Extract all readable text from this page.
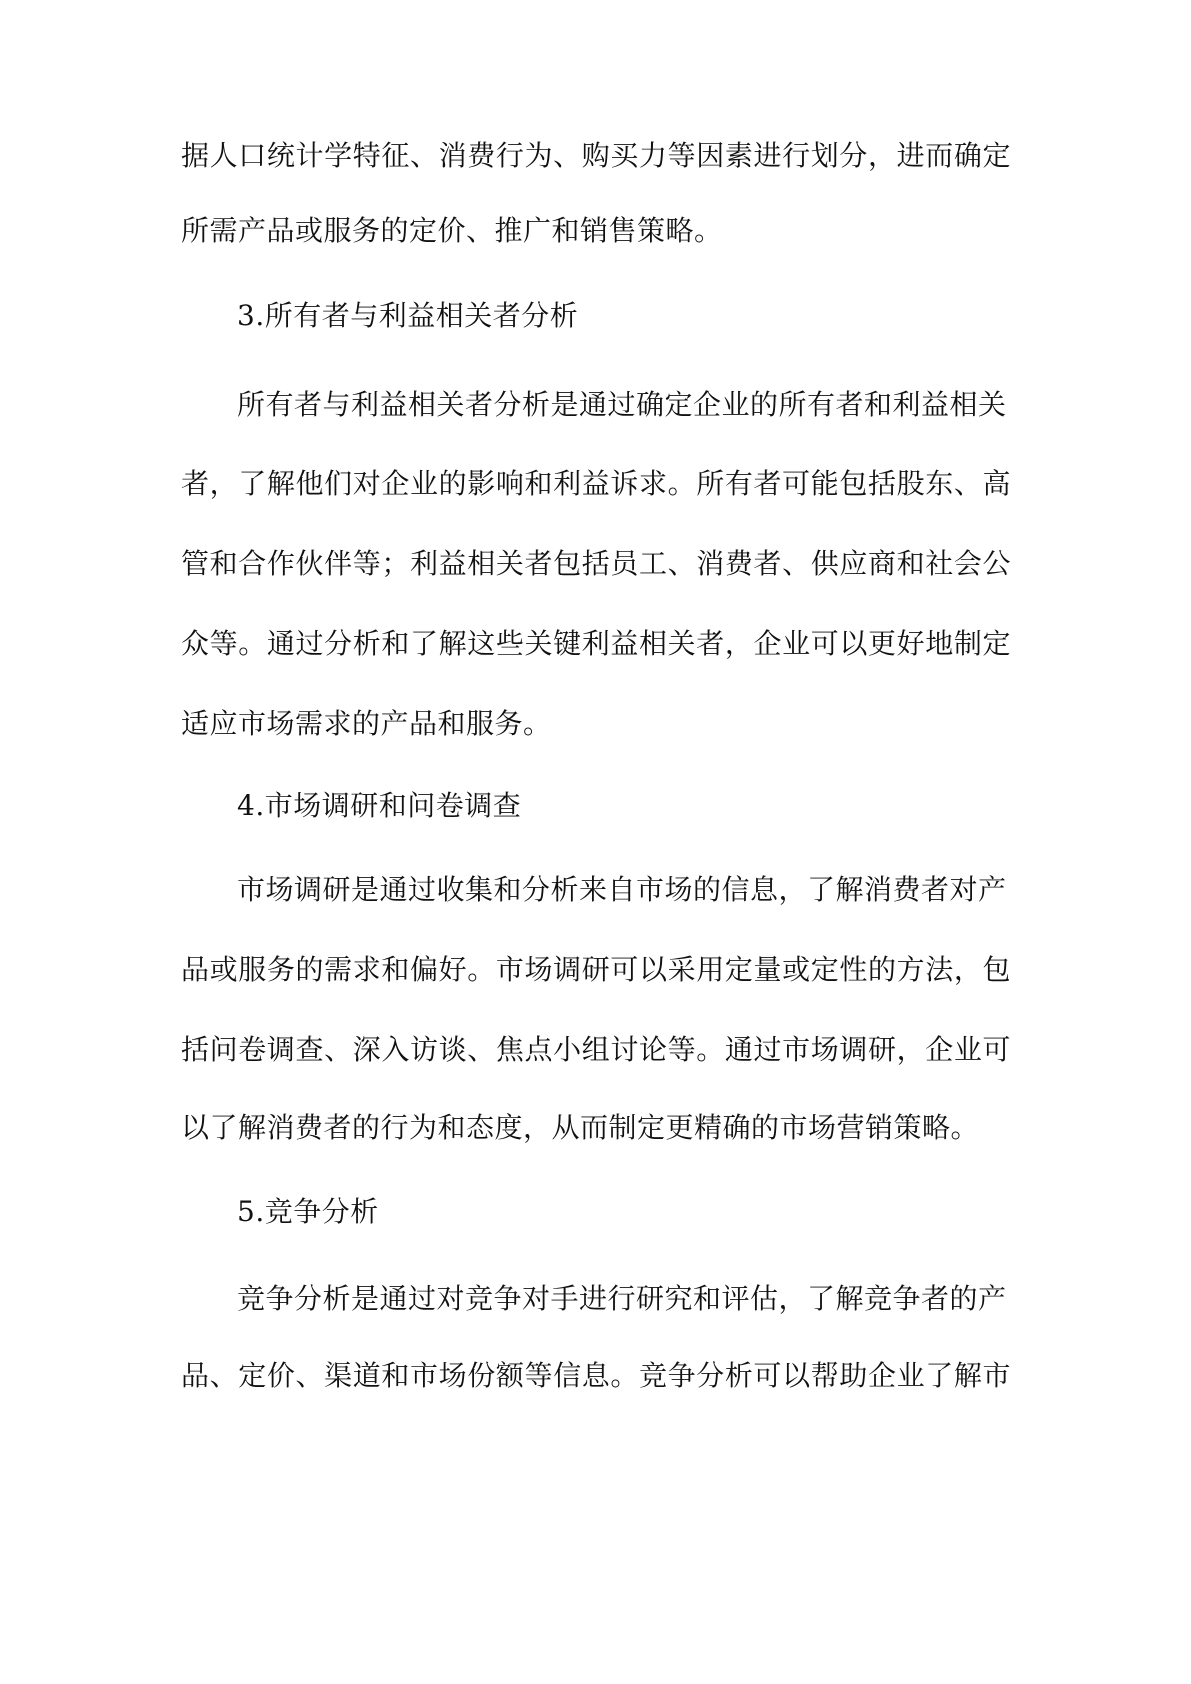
据人口统计学特征、消费行为、购买力等因素进行划分，进而确定
所需产品或服务的定价、推广和销售策略。
3.所有者与利益相关者分析
所有者与利益相关者分析是通过确定企业的所有者和利益相关
者，了解他们对企业的影响和利益诉求。所有者可能包括股东、高
管和合作伙伴等；利益相关者包括员工、消费者、供应商和社会公
众等。通过分析和了解这些关键利益相关者，企业可以更好地制定
适应市场需求的产品和服务。
4.市场调研和问卷调查
市场调研是通过收集和分析来自市场的信息，了解消费者对产
品或服务的需求和偏好。市场调研可以采用定量或定性的方法，包
括问卷调查、深入访谈、焦点小组讨论等。通过市场调研，企业可
以了解消费者的行为和态度，从而制定更精确的市场营销策略。
5.竞争分析
竞争分析是通过对竞争对手进行研究和评估，了解竞争者的产
品、定价、渠道和市场份额等信息。竞争分析可以帮助企业了解市
